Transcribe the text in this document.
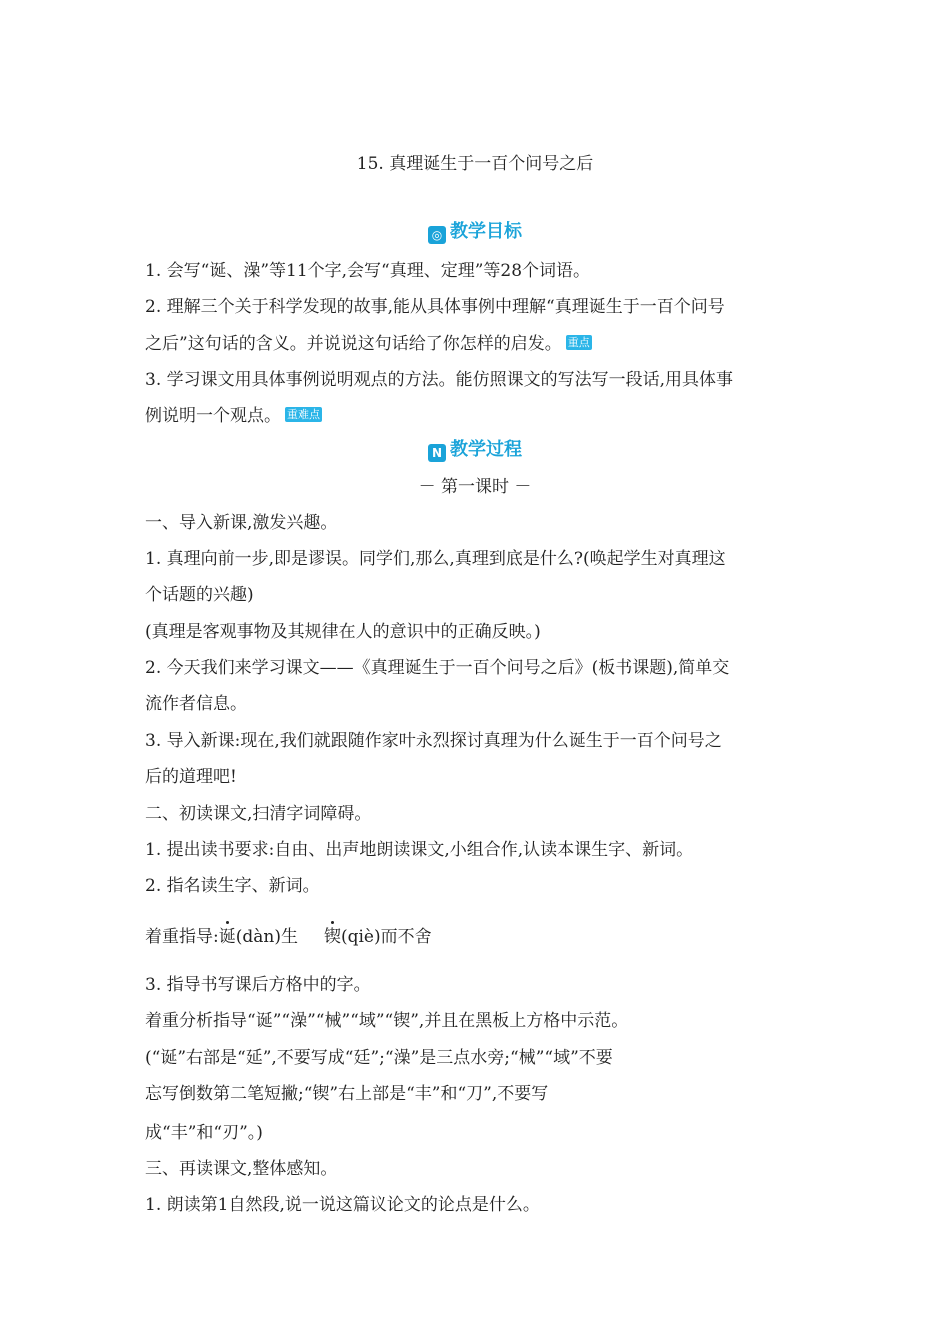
15. 真理诞生于一百个问号之后
◎ 教学目标
1. 会写“诞、澡”等11个字,会写“真理、定理”等28个词语。
2. 理解三个关于科学发现的故事,能从具体事例中理解“真理诞生于一百个问号
之后”这句话的含义。并说说这句话给了你怎样的启发。 重点
3. 学习课文用具体事例说明观点的方法。能仿照课文的写法写一段话,用具体事
例说明一个观点。 重难点
N 教学过程
－ 第一课时 －
一、导入新课,激发兴趣。
1. 真理向前一步,即是谬误。同学们,那么,真理到底是什么?(唤起学生对真理这
个话题的兴趣)
(真理是客观事物及其规律在人的意识中的正确反映。)
2. 今天我们来学习课文——《真理诞生于一百个问号之后》(板书课题),简单交
流作者信息。
3. 导入新课:现在,我们就跟随作家叶永烈探讨真理为什么诞生于一百个问号之
后的道理吧!
二、初读课文,扫清字词障碍。
1. 提出读书要求:自由、出声地朗读课文,小组合作,认读本课生字、新词。
2. 指名读生字、新词。
着重指导:诞(dàn)生 锲(qiè)而不舍
3. 指导书写课后方格中的字。
着重分析指导“诞”“澡”“械”“域”“锲”,并且在黑板上方格中示范。
(“诞”右部是“延”,不要写成“廷”;“澡”是三点水旁;“械”“域”不要
忘写倒数第二笔短撇;“锲”右上部是“丰”和“刀”,不要写
成“丰”和“刃”。)
三、再读课文,整体感知。
1. 朗读第1自然段,说一说这篇议论文的论点是什么。
